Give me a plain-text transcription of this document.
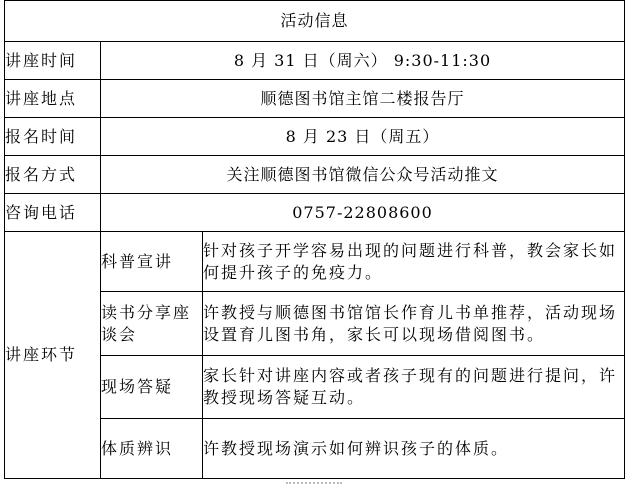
活动信息		
讲座时间	8 月 31 日（周六） 9:30-11:30	
讲座地点	顺德图书馆主馆二楼报告厅	
报名时间	8 月 23 日（周五）	
报名方式	关注顺德图书馆微信公众号活动推文	
咨询电话	0757-22808600	
讲座环节	科普宣讲	针对孩子开学容易出现的问题进行科普，教会家长如何提升孩子的免疫力。
	读书分享座谈会	许教授与顺德图书馆馆长作育儿书单推荐，活动现场设置育儿图书角，家长可以现场借阅图书。
	现场答疑	家长针对讲座内容或者孩子现有的问题进行提问，许教授现场答疑互动。
	体质辨识	许教授现场演示如何辨识孩子的体质。
